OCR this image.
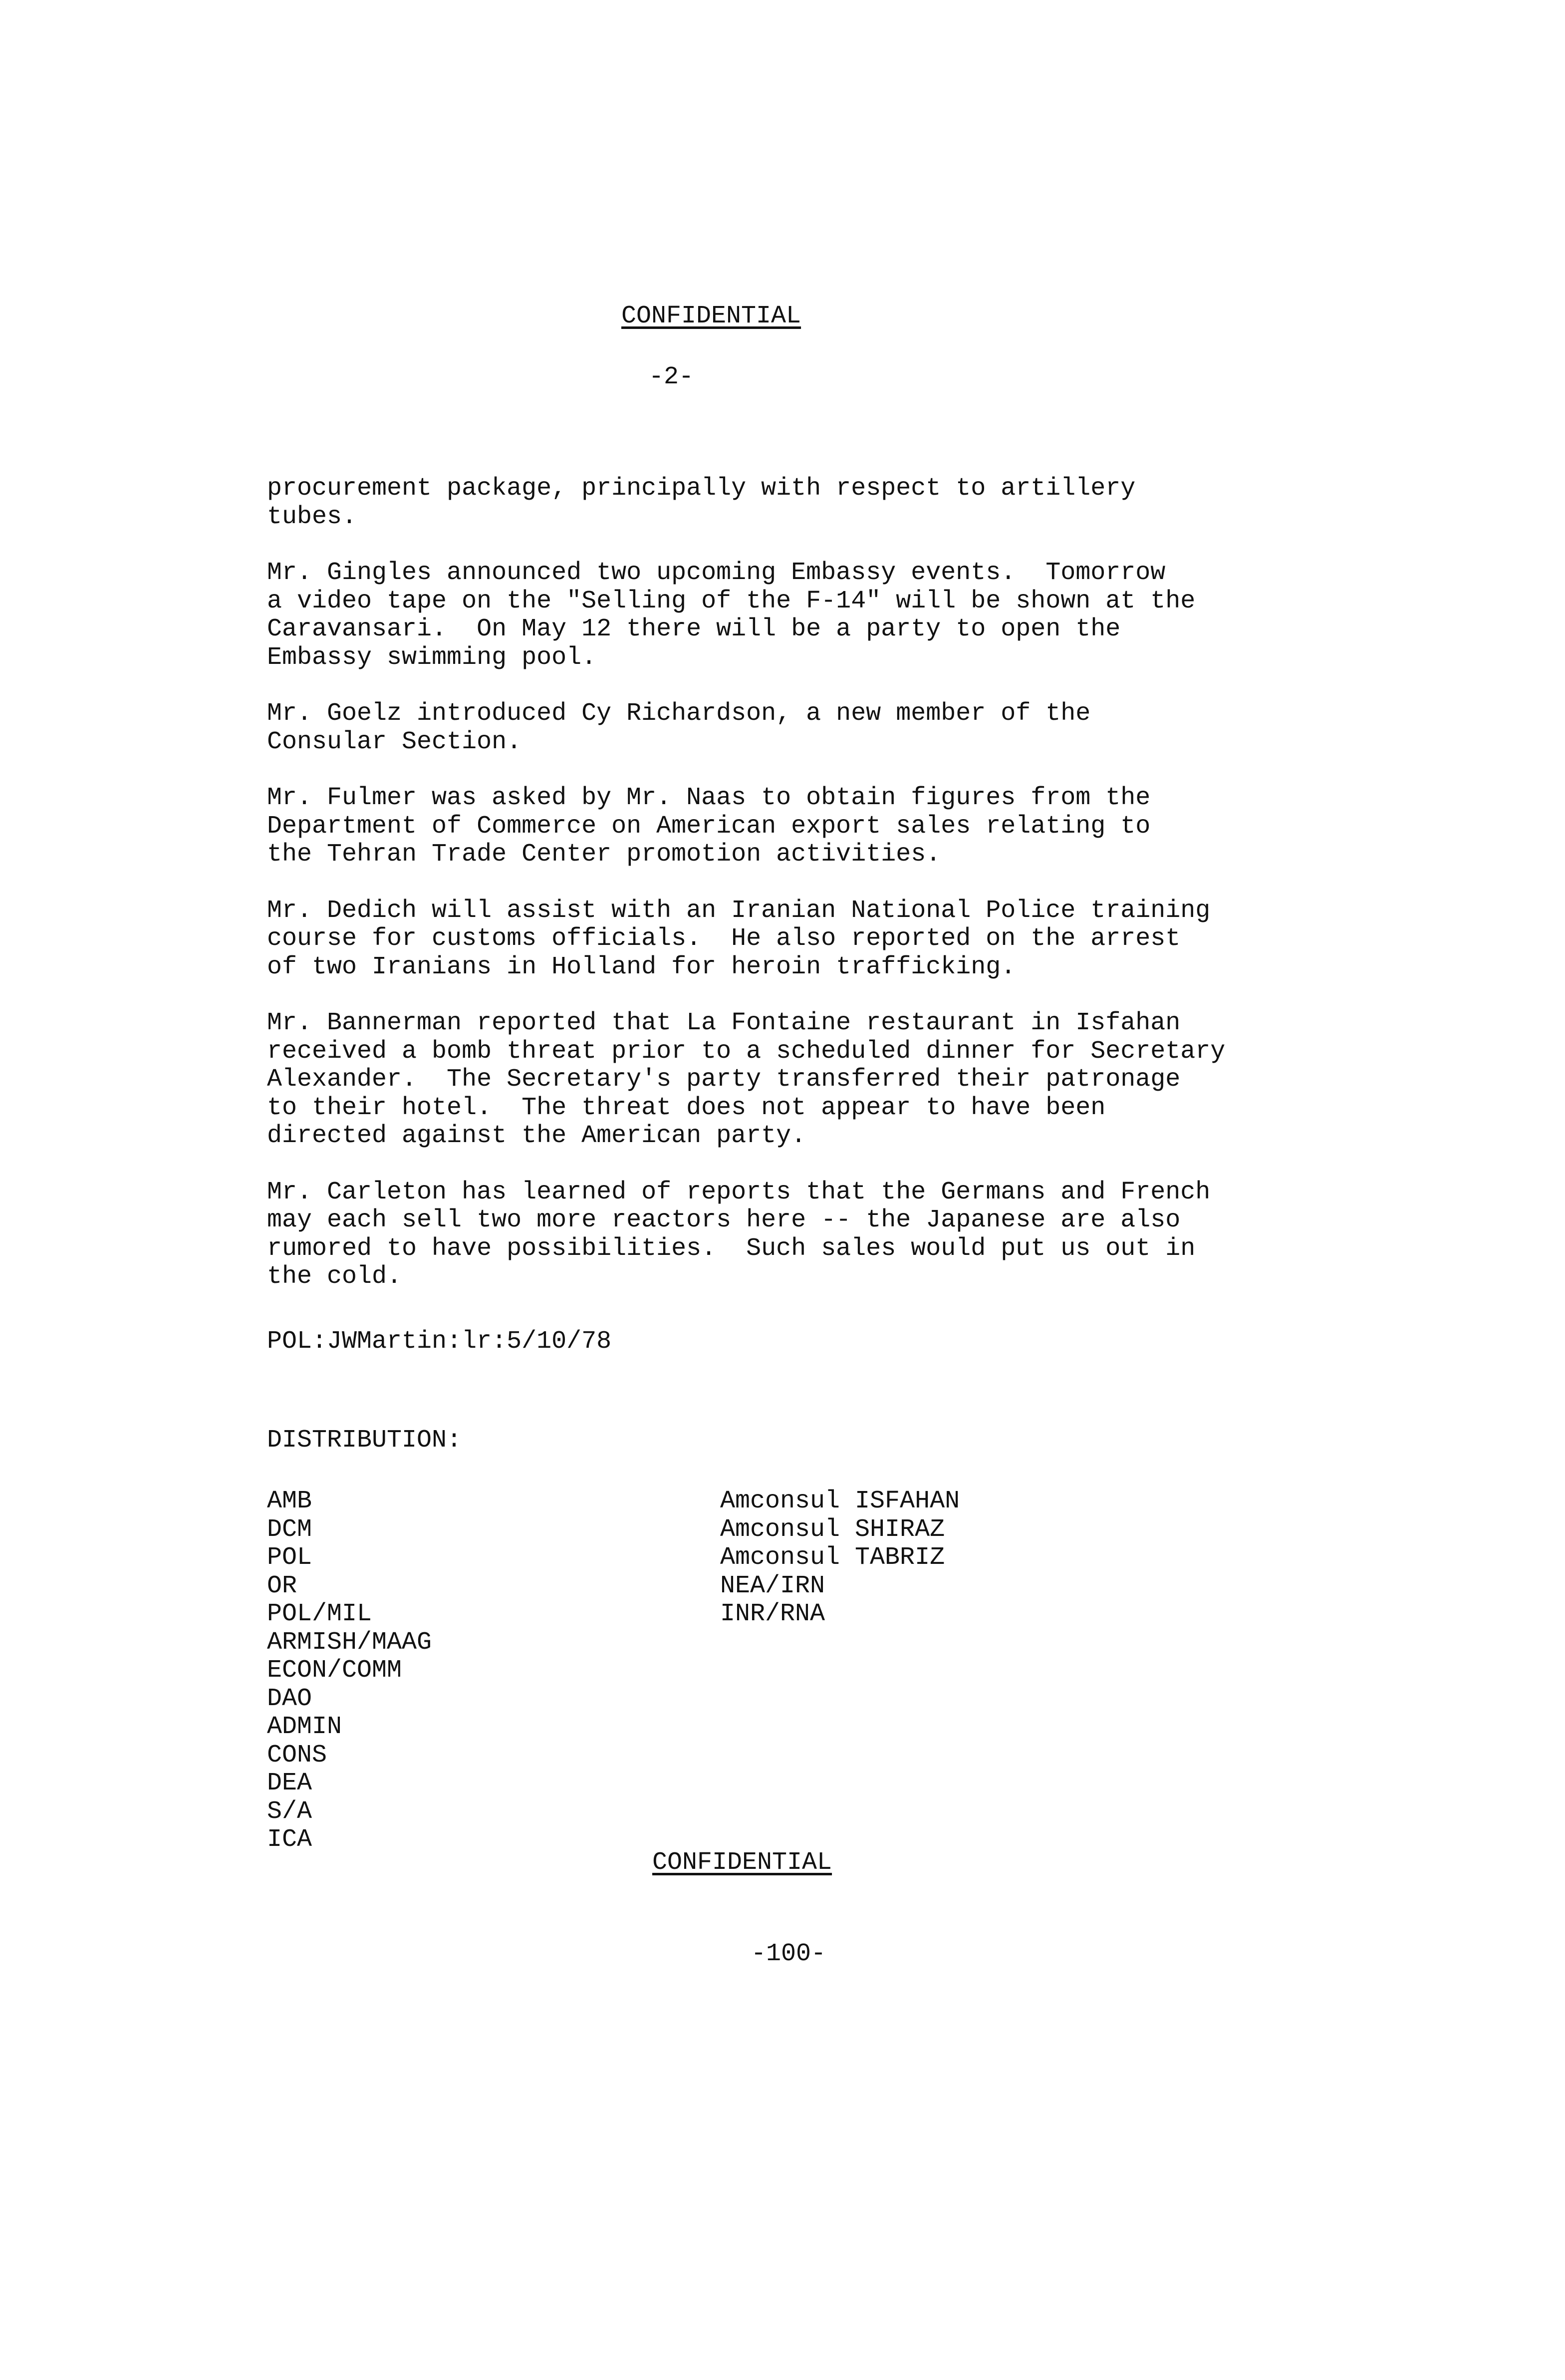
CONFIDENTIAL
-2-

procurement package, principally with respect to artillery
tubes.

Mr. Gingles announced two upcoming Embassy events.  Tomorrow
a video tape on the "Selling of the F-14" will be shown at the
Caravansari.  On May 12 there will be a party to open the
Embassy swimming pool.

Mr. Goelz introduced Cy Richardson, a new member of the
Consular Section.

Mr. Fulmer was asked by Mr. Naas to obtain figures from the
Department of Commerce on American export sales relating to
the Tehran Trade Center promotion activities.

Mr. Dedich will assist with an Iranian National Police training
course for customs officials.  He also reported on the arrest
of two Iranians in Holland for heroin trafficking.

Mr. Bannerman reported that La Fontaine restaurant in Isfahan
received a bomb threat prior to a scheduled dinner for Secretary
Alexander.  The Secretary's party transferred their patronage
to their hotel.  The threat does not appear to have been
directed against the American party.

Mr. Carleton has learned of reports that the Germans and French
may each sell two more reactors here -- the Japanese are also
rumored to have possibilities.  Such sales would put us out in
the cold.

POL:JWMartin:lr:5/10/78
DISTRIBUTION:
AMB
DCM
POL
OR
POL/MIL
ARMISH/MAAG
ECON/COMM
DAO
ADMIN
CONS
DEA
S/A
ICA
Amconsul ISFAHAN
Amconsul SHIRAZ
Amconsul TABRIZ
NEA/IRN
INR/RNA
CONFIDENTIAL
-100-
